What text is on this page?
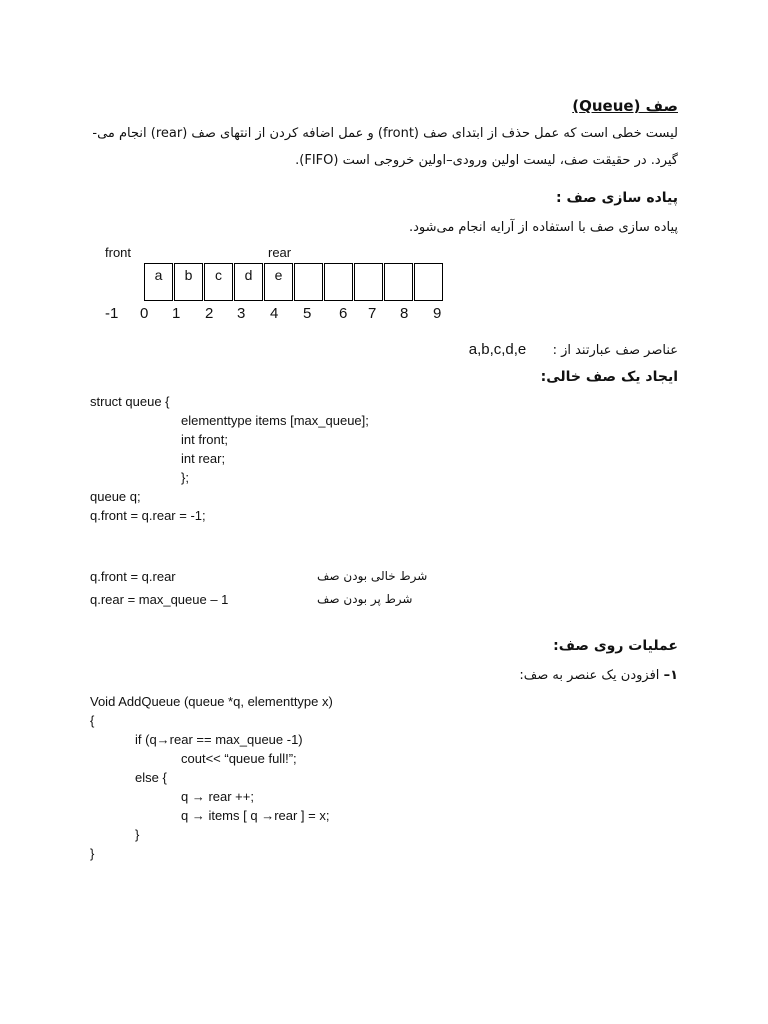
صف (Queue)
لیست خطی است که عمل حذف از ابتدای صف (front) و عمل اضافه کردن از انتهای صف (rear) انجام می-
گیرد. در حقیقت صف، لیست اولین ورودی–اولین خروجی است (FIFO).
پیاده سازی صف :
پیاده سازی صف با استفاده از آرایه انجام می‌شود.
front	rear
a	b	c	d	e
-1 0 1 2 3 4 5 6 7 8 9
عناصر صف عبارتند از :  a,b,c,d,e
ایجاد یک صف خالی:
struct queue {
elementtype items [max_queue];
int front;
int rear;
};
queue q;
q.front = q.rear = -1;
q.front = q.rear	شرط خالی بودن صف
q.rear = max_queue – 1	شرط پر بودن صف
عملیات روی صف:
۱– افزودن یک عنصر به صف:
Void AddQueue (queue *q, elementtype x)
{
if (q→rear == max_queue -1)
cout<< “queue full!”;
else {
q → rear ++;
q → items [ q →rear ] = x;
}
}
